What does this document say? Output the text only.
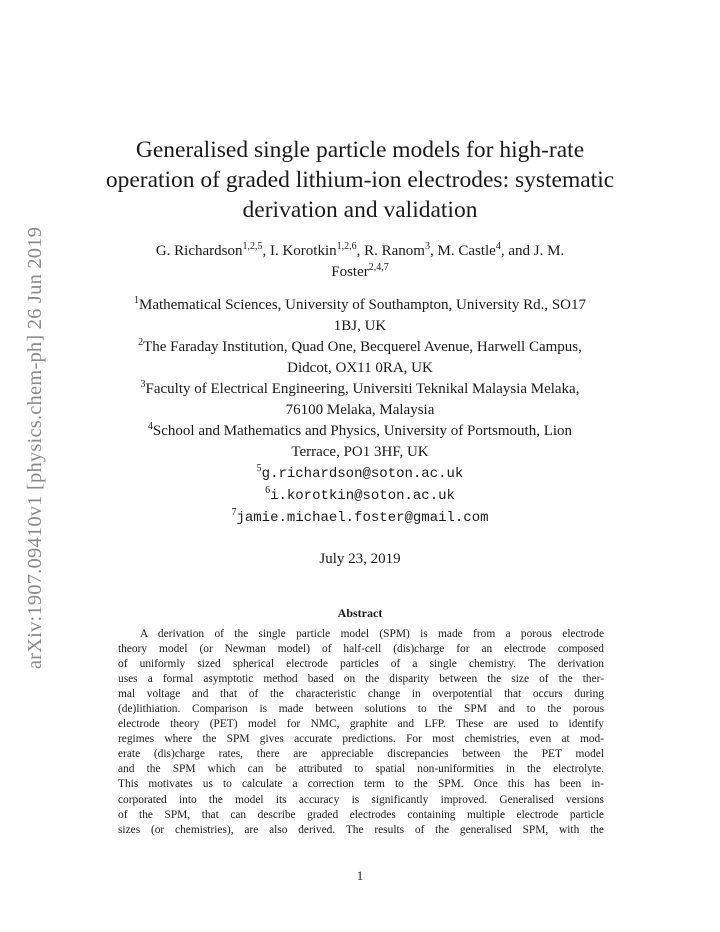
arXiv:1907.09410v1 [physics.chem-ph] 26 Jun 2019
Generalised single particle models for high-rate
operation of graded lithium-ion electrodes: systematic
derivation and validation
G. Richardson$^{1,2,5}$, I. Korotkin$^{1,2,6}$, R. Ranom$^3$, M. Castle$^4$, and J. M.
Foster$^{2,4,7}$
$^1$Mathematical Sciences, University of Southampton, University Rd., SO17
1BJ, UK
$^2$The Faraday Institution, Quad One, Becquerel Avenue, Harwell Campus,
Didcot, OX11 0RA, UK
$^3$Faculty of Electrical Engineering, Universiti Teknikal Malaysia Melaka,
76100 Melaka, Malaysia
$^4$School and Mathematics and Physics, University of Portsmouth, Lion
Terrace, PO1 3HF, UK
$^5$g.richardson@soton.ac.uk
$^6$i.korotkin@soton.ac.uk
$^7$jamie.michael.foster@gmail.com
July 23, 2019
Abstract
A derivation of the single particle model (SPM) is made from a porous electrode
theory model (or Newman model) of half-cell (dis)charge for an electrode composed
of uniformly sized spherical electrode particles of a single chemistry. The derivation
uses a formal asymptotic method based on the disparity between the size of the ther-
mal voltage and that of the characteristic change in overpotential that occurs during
(de)lithiation. Comparison is made between solutions to the SPM and to the porous
electrode theory (PET) model for NMC, graphite and LFP. These are used to identify
regimes where the SPM gives accurate predictions. For most chemistries, even at mod-
erate (dis)charge rates, there are appreciable discrepancies between the PET model
and the SPM which can be attributed to spatial non-uniformities in the electrolyte.
This motivates us to calculate a correction term to the SPM. Once this has been in-
corporated into the model its accuracy is significantly improved. Generalised versions
of the SPM, that can describe graded electrodes containing multiple electrode particle
sizes (or chemistries), are also derived. The results of the generalised SPM, with the
1
